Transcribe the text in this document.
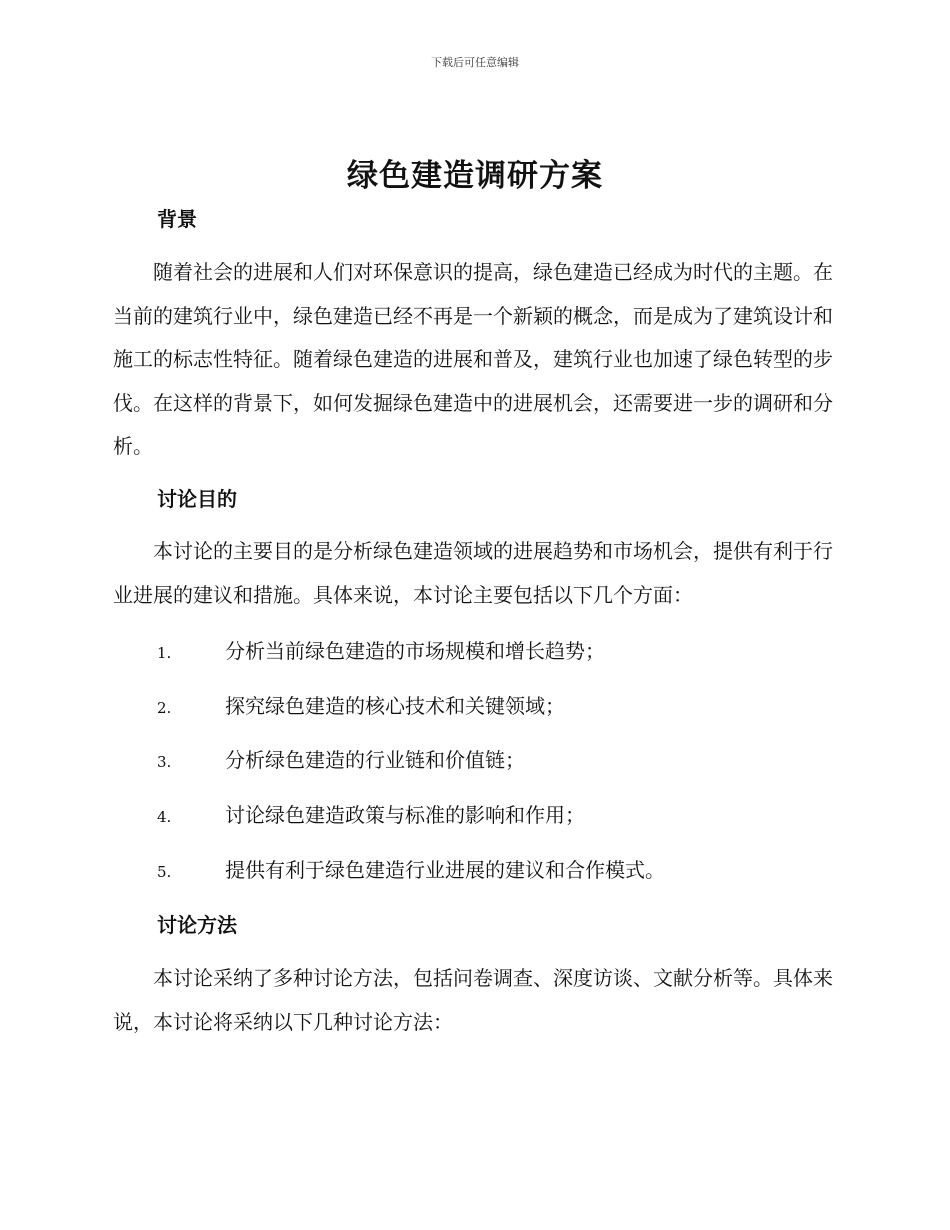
下载后可任意编辑
绿色建造调研方案
背景
随着社会的进展和人们对环保意识的提高，绿色建造已经成为时代的主题。在当前的建筑行业中，绿色建造已经不再是一个新颖的概念，而是成为了建筑设计和施工的标志性特征。随着绿色建造的进展和普及，建筑行业也加速了绿色转型的步伐。在这样的背景下，如何发掘绿色建造中的进展机会，还需要进一步的调研和分析。
讨论目的
本讨论的主要目的是分析绿色建造领域的进展趋势和市场机会，提供有利于行业进展的建议和措施。具体来说，本讨论主要包括以下几个方面：
1.	分析当前绿色建造的市场规模和增长趋势；
2.	探究绿色建造的核心技术和关键领域；
3.	分析绿色建造的行业链和价值链；
4.	讨论绿色建造政策与标准的影响和作用；
5.	提供有利于绿色建造行业进展的建议和合作模式。
讨论方法
本讨论采纳了多种讨论方法，包括问卷调查、深度访谈、文献分析等。具体来说，本讨论将采纳以下几种讨论方法：
